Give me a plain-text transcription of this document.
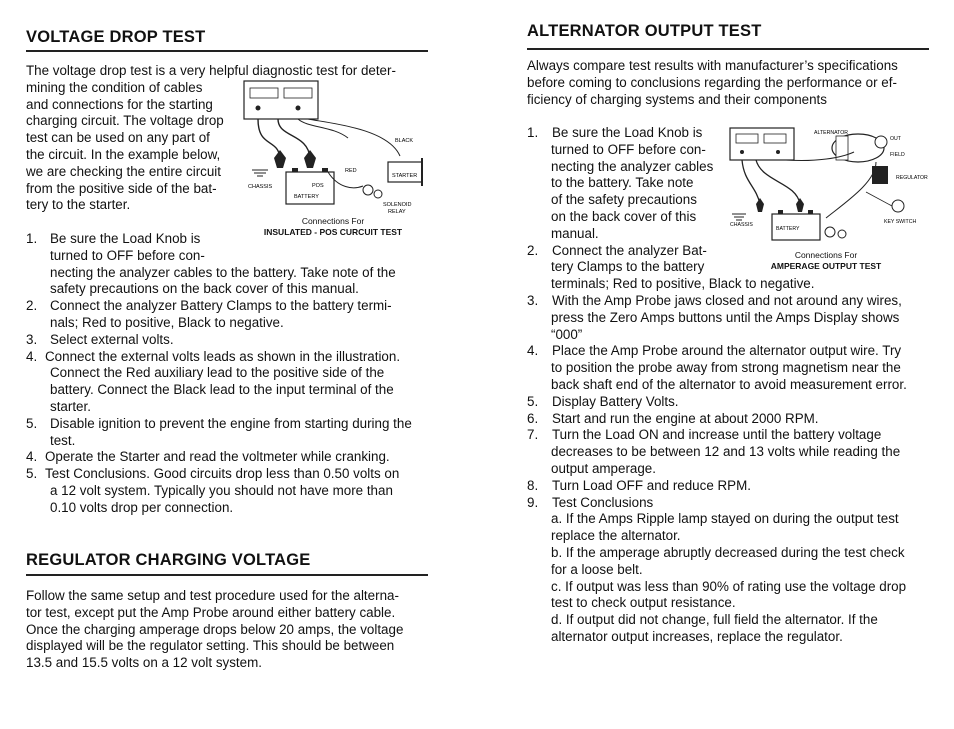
VOLTAGE DROP TEST
The voltage drop test is a very helpful diagnostic test for deter-
mining the condition of cables
and connections for the starting
charging circuit. The voltage drop
test can be used on any part of
the circuit. In the example below,
we are checking the entire circuit
from the positive side of the bat-
tery to the starter.
1. Be sure the Load Knob is
turned to OFF before con-
necting the analyzer cables to the battery. Take note of the
safety precautions on the back cover of this manual.
2. Connect the analyzer Battery Clamps to the battery termi-
nals; Red to positive, Black to negative.
3. Select external volts.
4. Connect the external volts leads as shown in the illustration.
Connect the Red auxiliary lead to the positive side of the
battery. Connect the Black lead to the input terminal of the
starter.
5. Disable ignition to prevent the engine from starting during the
test.
4. Operate the Starter and read the voltmeter while cranking.
5. Test Conclusions. Good circuits drop less than 0.50 volts on
a 12 volt system. Typically you should not have more than
0.10 volts drop per connection.
REGULATOR CHARGING VOLTAGE
Follow the same setup and test procedure used for the alterna-
tor test, except put the Amp Probe around either battery cable.
Once the charging amperage drops below 20 amps, the voltage
displayed will be the regulator setting. This should be between
13.5 and 15.5 volts on a 12 volt system.
BLACK
RED
STARTER
CHASSIS	POS
BATTERY
SOLENOID
RELAY
Connections For
INSULATED - POS CURCUIT TEST
ALTERNATOR OUTPUT TEST
Always compare test results with manufacturer’s specifications
before coming to conclusions regarding the performance or ef-
ficiency of charging systems and their components
1. Be sure the Load Knob is
turned to OFF before con-
necting the analyzer cables
to the battery. Take note
of the safety precautions
on the back cover of this
manual.
2. Connect the analyzer Bat-
tery Clamps to the battery
terminals; Red to positive, Black to negative.
3. With the Amp Probe jaws closed and not around any wires,
press the Zero Amps buttons until the Amps Display shows
“000”
4. Place the Amp Probe around the alternator output wire. Try
to position the probe away from strong magnetism near the
back shaft end of the alternator to avoid measurement error.
5. Display Battery Volts.
6. Start and run the engine at about 2000 RPM.
7. Turn the Load ON and increase until the battery voltage
decreases to be between 12 and 13 volts while reading the
output amperage.
8. Turn Load OFF and reduce RPM.
9. Test Conclusions
a. If the Amps Ripple lamp stayed on during the output test
replace the alternator.
b. If the amperage abruptly decreased during the test check
for a loose belt.
c. If output was less than 90% of rating use the voltage drop
test to check output resistance.
d. If output did not change, full field the alternator. If the
alternator output increases, replace the regulator.
ALTERNATOR
OUT
FIELD
REGULATOR
CHASSIS
BATTERY
KEY SWITCH
Connections For
AMPERAGE OUTPUT TEST
